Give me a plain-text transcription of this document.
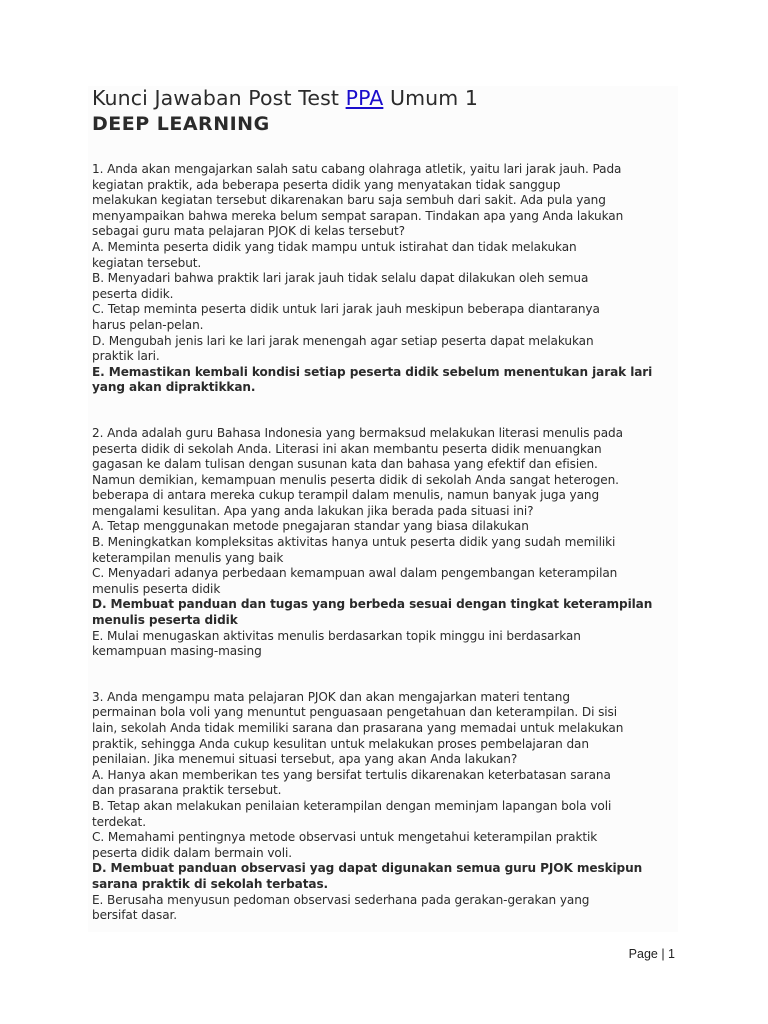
Kunci Jawaban Post Test PPA Umum 1
DEEP LEARNING
1. Anda akan mengajarkan salah satu cabang olahraga atletik, yaitu lari jarak jauh. Pada
kegiatan praktik, ada beberapa peserta didik yang menyatakan tidak sanggup
melakukan kegiatan tersebut dikarenakan baru saja sembuh dari sakit. Ada pula yang
menyampaikan bahwa mereka belum sempat sarapan. Tindakan apa yang Anda lakukan
sebagai guru mata pelajaran PJOK di kelas tersebut?
A. Meminta peserta didik yang tidak mampu untuk istirahat dan tidak melakukan
kegiatan tersebut.
B. Menyadari bahwa praktik lari jarak jauh tidak selalu dapat dilakukan oleh semua
peserta didik.
C. Tetap meminta peserta didik untuk lari jarak jauh meskipun beberapa diantaranya
harus pelan-pelan.
D. Mengubah jenis lari ke lari jarak menengah agar setiap peserta dapat melakukan
praktik lari.
E. Memastikan kembali kondisi setiap peserta didik sebelum menentukan jarak lari
yang akan dipraktikkan.
2. Anda adalah guru Bahasa Indonesia yang bermaksud melakukan literasi menulis pada
peserta didik di sekolah Anda. Literasi ini akan membantu peserta didik menuangkan
gagasan ke dalam tulisan dengan susunan kata dan bahasa yang efektif dan efisien.
Namun demikian, kemampuan menulis peserta didik di sekolah Anda sangat heterogen.
beberapa di antara mereka cukup terampil dalam menulis, namun banyak juga yang
mengalami kesulitan. Apa yang anda lakukan jika berada pada situasi ini?
A. Tetap menggunakan metode pnegajaran standar yang biasa dilakukan
B. Meningkatkan kompleksitas aktivitas hanya untuk peserta didik yang sudah memiliki
keterampilan menulis yang baik
C. Menyadari adanya perbedaan kemampuan awal dalam pengembangan keterampilan
menulis peserta didik
D. Membuat panduan dan tugas yang berbeda sesuai dengan tingkat keterampilan
menulis peserta didik
E. Mulai menugaskan aktivitas menulis berdasarkan topik minggu ini berdasarkan
kemampuan masing-masing
3. Anda mengampu mata pelajaran PJOK dan akan mengajarkan materi tentang
permainan bola voli yang menuntut penguasaan pengetahuan dan keterampilan. Di sisi
lain, sekolah Anda tidak memiliki sarana dan prasarana yang memadai untuk melakukan
praktik, sehingga Anda cukup kesulitan untuk melakukan proses pembelajaran dan
penilaian. Jika menemui situasi tersebut, apa yang akan Anda lakukan?
A. Hanya akan memberikan tes yang bersifat tertulis dikarenakan keterbatasan sarana
dan prasarana praktik tersebut.
B. Tetap akan melakukan penilaian keterampilan dengan meminjam lapangan bola voli
terdekat.
C. Memahami pentingnya metode observasi untuk mengetahui keterampilan praktik
peserta didik dalam bermain voli.
D. Membuat panduan observasi yag dapat digunakan semua guru PJOK meskipun
sarana praktik di sekolah terbatas.
E. Berusaha menyusun pedoman observasi sederhana pada gerakan-gerakan yang
bersifat dasar.
Page | 1
